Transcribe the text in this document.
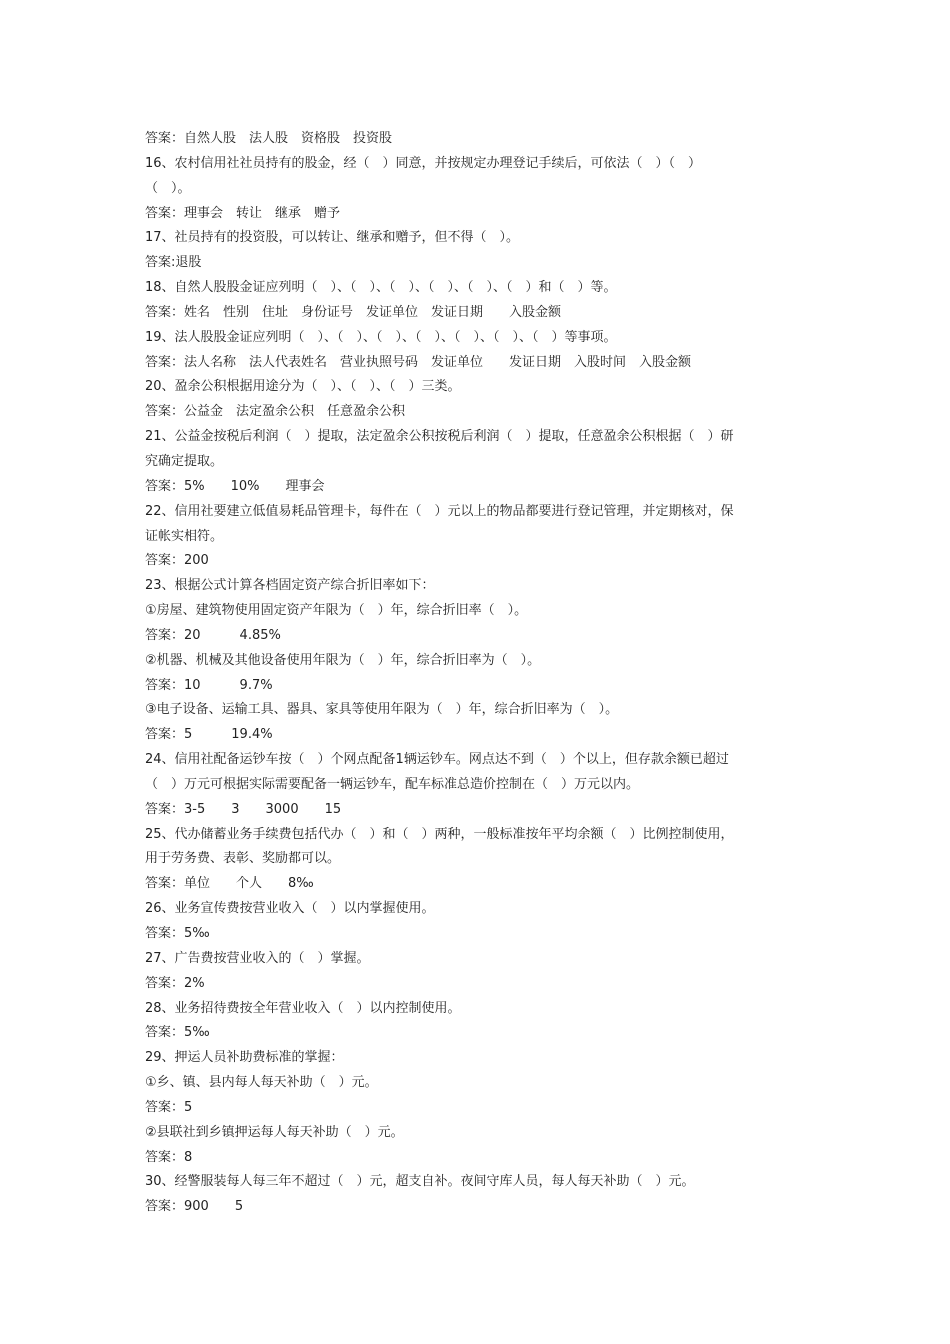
答案：自然人股　法人股　资格股　投资股
16、农村信用社社员持有的股金，经（　）同意，并按规定办理登记手续后，可依法（　）（　）
（　）。
答案：理事会　转让　继承　赠予
17、社员持有的投资股，可以转让、继承和赠予，但不得（　）。
答案:退股
18、自然人股股金证应列明（　）、（　）、（　）、（　）、（　）、（　）和（　）等。
答案：姓名　性别　住址　身份证号　发证单位　发证日期　　入股金额
19、法人股股金证应列明（　）、（　）、（　）、（　）、（　）、（　）、（　）等事项。
答案：法人名称　法人代表姓名　营业执照号码　发证单位　　发证日期　入股时间　入股金额
20、盈余公积根据用途分为（　）、（　）、（　）三类。
答案：公益金　法定盈余公积　任意盈余公积
21、公益金按税后利润（　）提取，法定盈余公积按税后利润（　）提取，任意盈余公积根据（　）研
究确定提取。
答案：5%　　10%　　理事会
22、信用社要建立低值易耗品管理卡，每件在（　）元以上的物品都要进行登记管理，并定期核对，保
证帐实相符。
答案：200
23、根据公式计算各档固定资产综合折旧率如下：
①房屋、建筑物使用固定资产年限为（　）年，综合折旧率（　）。
答案：20　　　4.85%
②机器、机械及其他设备使用年限为（　）年，综合折旧率为（　）。
答案：10　　　9.7%
③电子设备、运输工具、器具、家具等使用年限为（　）年，综合折旧率为（　）。
答案：5　　　19.4%
24、信用社配备运钞车按（　）个网点配备1辆运钞车。网点达不到（　）个以上，但存款余额已超过
（　）万元可根据实际需要配备一辆运钞车，配车标准总造价控制在（　）万元以内。
答案：3-5　　3　　3000　　15
25、代办储蓄业务手续费包括代办（　）和（　）两种，一般标准按年平均余额（　）比例控制使用，
用于劳务费、表彰、奖励都可以。
答案：单位　　个人　　8‰
26、业务宣传费按营业收入（　）以内掌握使用。
答案：5‰
27、广告费按营业收入的（　）掌握。
答案：2%
28、业务招待费按全年营业收入（　）以内控制使用。
答案：5‰
29、押运人员补助费标准的掌握：
①乡、镇、县内每人每天补助（　）元。
答案：5
②县联社到乡镇押运每人每天补助（　）元。
答案：8
30、经警服装每人每三年不超过（　）元，超支自补。夜间守库人员，每人每天补助（　）元。
答案：900　　5
